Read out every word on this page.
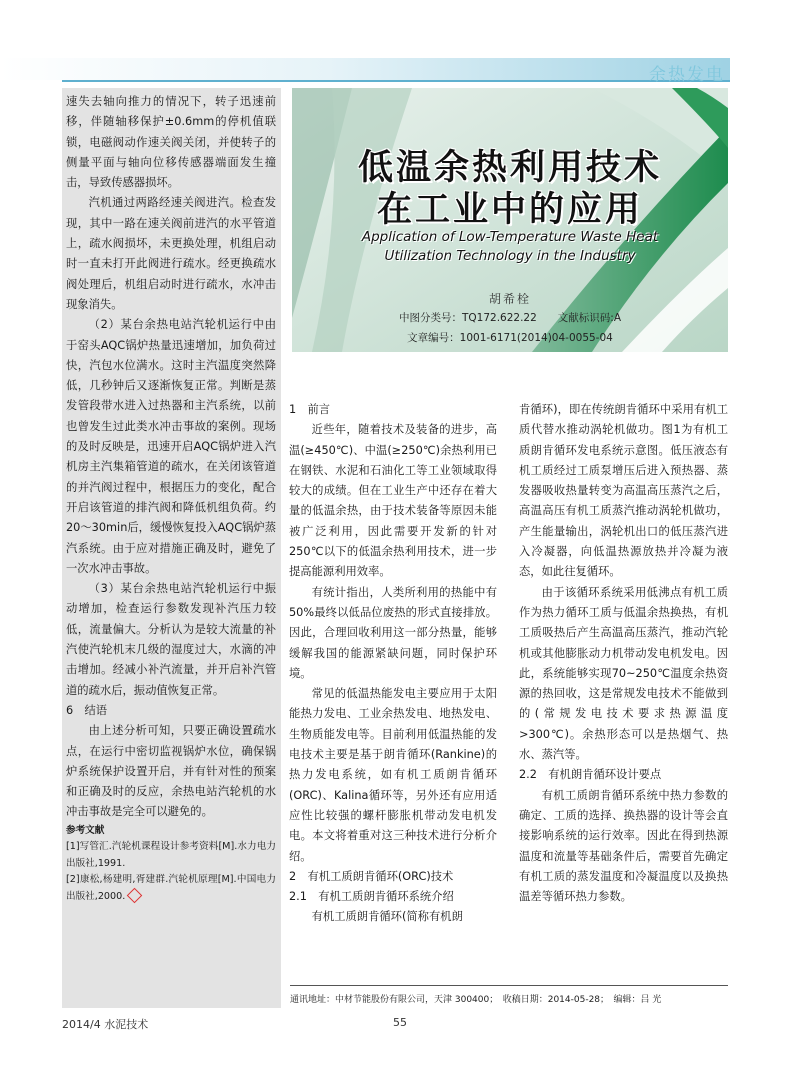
余热发电
速失去轴向推力的情况下，转子迅速前移，伴随轴移保护±0.6mm的停机值联锁，电磁阀动作速关阀关闭，并使转子的侧量平面与轴向位移传感器端面发生撞击，导致传感器损坏。
汽机通过两路经速关阀进汽。检查发现，其中一路在速关阀前进汽的水平管道上，疏水阀损坏，未更换处理，机组启动时一直未打开此阀进行疏水。经更换疏水阀处理后，机组启动时进行疏水，水冲击现象消失。
（2）某台余热电站汽轮机运行中由于窑头AQC锅炉热量迅速增加，加负荷过快，汽包水位满水。这时主汽温度突然降低，几秒钟后又逐渐恢复正常。判断是蒸发管段带水进入过热器和主汽系统，以前也曾发生过此类水冲击事故的案例。现场的及时反映是，迅速开启AQC锅炉进入汽机房主汽集箱管道的疏水，在关闭该管道的并汽阀过程中，根据压力的变化，配合开启该管道的排汽阀和降低机组负荷。约20～30min后，缓慢恢复投入AQC锅炉蒸汽系统。由于应对措施正确及时，避免了一次水冲击事故。
（3）某台余热电站汽轮机运行中振动增加，检查运行参数发现补汽压力较低，流量偏大。分析认为是较大流量的补汽使汽轮机末几级的湿度过大，水滴的冲击增加。经减小补汽流量，并开启补汽管道的疏水后，振动值恢复正常。
6　结语
由上述分析可知，只要正确设置疏水点，在运行中密切监视锅炉水位，确保锅炉系统保护设置开启，并有针对性的预案和正确及时的反应，余热电站汽轮机的水冲击事故是完全可以避免的。
参考文献
[1]写管汇.汽轮机课程设计参考资料[M].水力电力出版社,1991.
[2]康松,杨建明,胥建群.汽轮机原理[M].中国电力出版社,2000.
低温余热利用技术
在工业中的应用
Application of Low-Temperature Waste Heat
Utilization Technology in the Industry
胡希栓
中图分类号：TQ172.622.22　　文献标识码:A
文章编号：1001-6171(2014)04-0055-04
1　前言
近些年，随着技术及装备的进步，高温(≥450℃)、中温(≥250℃)余热利用已在钢铁、水泥和石油化工等工业领域取得较大的成绩。但在工业生产中还存在着大量的低温余热，由于技术装备等原因未能被广泛利用，因此需要开发新的针对250℃以下的低温余热利用技术，进一步提高能源利用效率。
有统计指出，人类所利用的热能中有50%最终以低品位废热的形式直接排放。因此，合理回收利用这一部分热量，能够缓解我国的能源紧缺问题，同时保护环境。
常见的低温热能发电主要应用于太阳能热力发电、工业余热发电、地热发电、生物质能发电等。目前利用低温热能的发电技术主要是基于朗肯循环(Rankine)的热力发电系统，如有机工质朗肯循环(ORC)、Kalina循环等，另外还有应用适应性比较强的螺杆膨胀机带动发电机发电。本文将着重对这三种技术进行分析介绍。
2　有机工质朗肯循环(ORC)技术
2.1　有机工质朗肯循环系统介绍
有机工质朗肯循环(简称有机朗
肯循环)，即在传统朗肯循环中采用有机工质代替水推动涡轮机做功。图1为有机工质朗肯循环发电系统示意图。低压液态有机工质经过工质泵增压后进入预热器、蒸发器吸收热量转变为高温高压蒸汽之后，高温高压有机工质蒸汽推动涡轮机做功，产生能量输出，涡轮机出口的低压蒸汽进入冷凝器，向低温热源放热并冷凝为液态，如此往复循环。
由于该循环系统采用低沸点有机工质作为热力循环工质与低温余热换热，有机工质吸热后产生高温高压蒸汽，推动汽轮机或其他膨胀动力机带动发电机发电。因此，系统能够实现70~250℃温度余热资源的热回收，这是常规发电技术不能做到的(常规发电技术要求热源温度>300℃)。余热形态可以是热烟气、热水、蒸汽等。
2.2　有机朗肯循环设计要点
有机工质朗肯循环系统中热力参数的确定、工质的选择、换热器的设计等会直接影响系统的运行效率。因此在得到热源温度和流量等基础条件后，需要首先确定有机工质的蒸发温度和冷凝温度以及换热温差等循环热力参数。
通讯地址：中材节能股份有限公司，天津 300400；　收稿日期：2014-05-28；　编辑：吕 光
2014/4 水泥技术	55
